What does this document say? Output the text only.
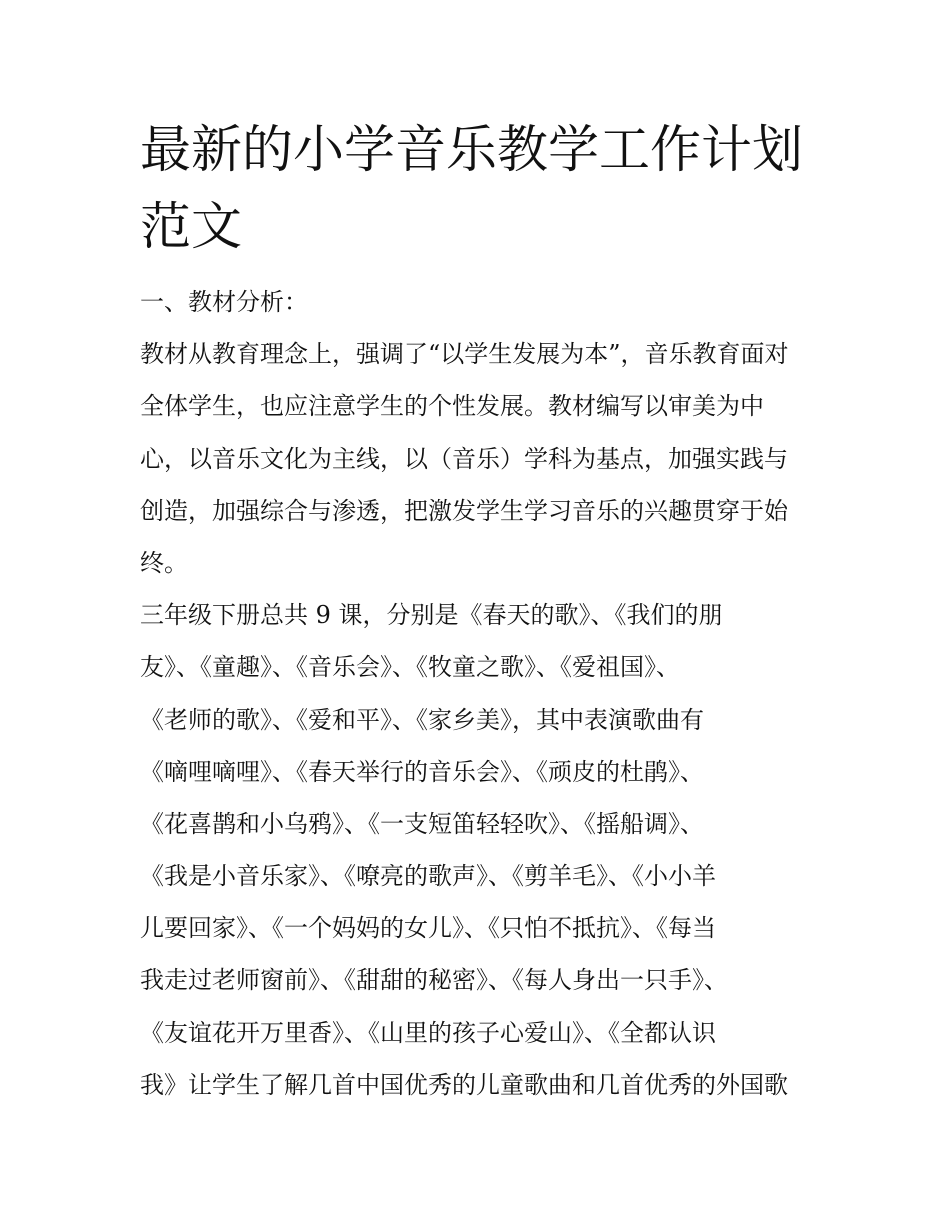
最新的小学音乐教学工作计划
范文
一、教材分析：
教材从教育理念上，强调了“以学生发展为本”，音乐教育面对
全体学生，也应注意学生的个性发展。教材编写以审美为中
心，以音乐文化为主线，以（音乐）学科为基点，加强实践与
创造，加强综合与渗透，把激发学生学习音乐的兴趣贯穿于始
终。
三年级下册总共 9 课，分别是《春天的歌》、《我们的朋
友》、《童趣》、《音乐会》、《牧童之歌》、《爱祖国》、
《老师的歌》、《爱和平》、《家乡美》，其中表演歌曲有
《嘀哩嘀哩》、《春天举行的音乐会》、《顽皮的杜鹃》、
《花喜鹊和小乌鸦》、《一支短笛轻轻吹》、《摇船调》、
《我是小音乐家》、《嘹亮的歌声》、《剪羊毛》、《小小羊
儿要回家》、《一个妈妈的女儿》、《只怕不抵抗》、《每当
我走过老师窗前》、《甜甜的秘密》、《每人身出一只手》、
《友谊花开万里香》、《山里的孩子心爱山》、《全都认识
我》让学生了解几首中国优秀的儿童歌曲和几首优秀的外国歌
